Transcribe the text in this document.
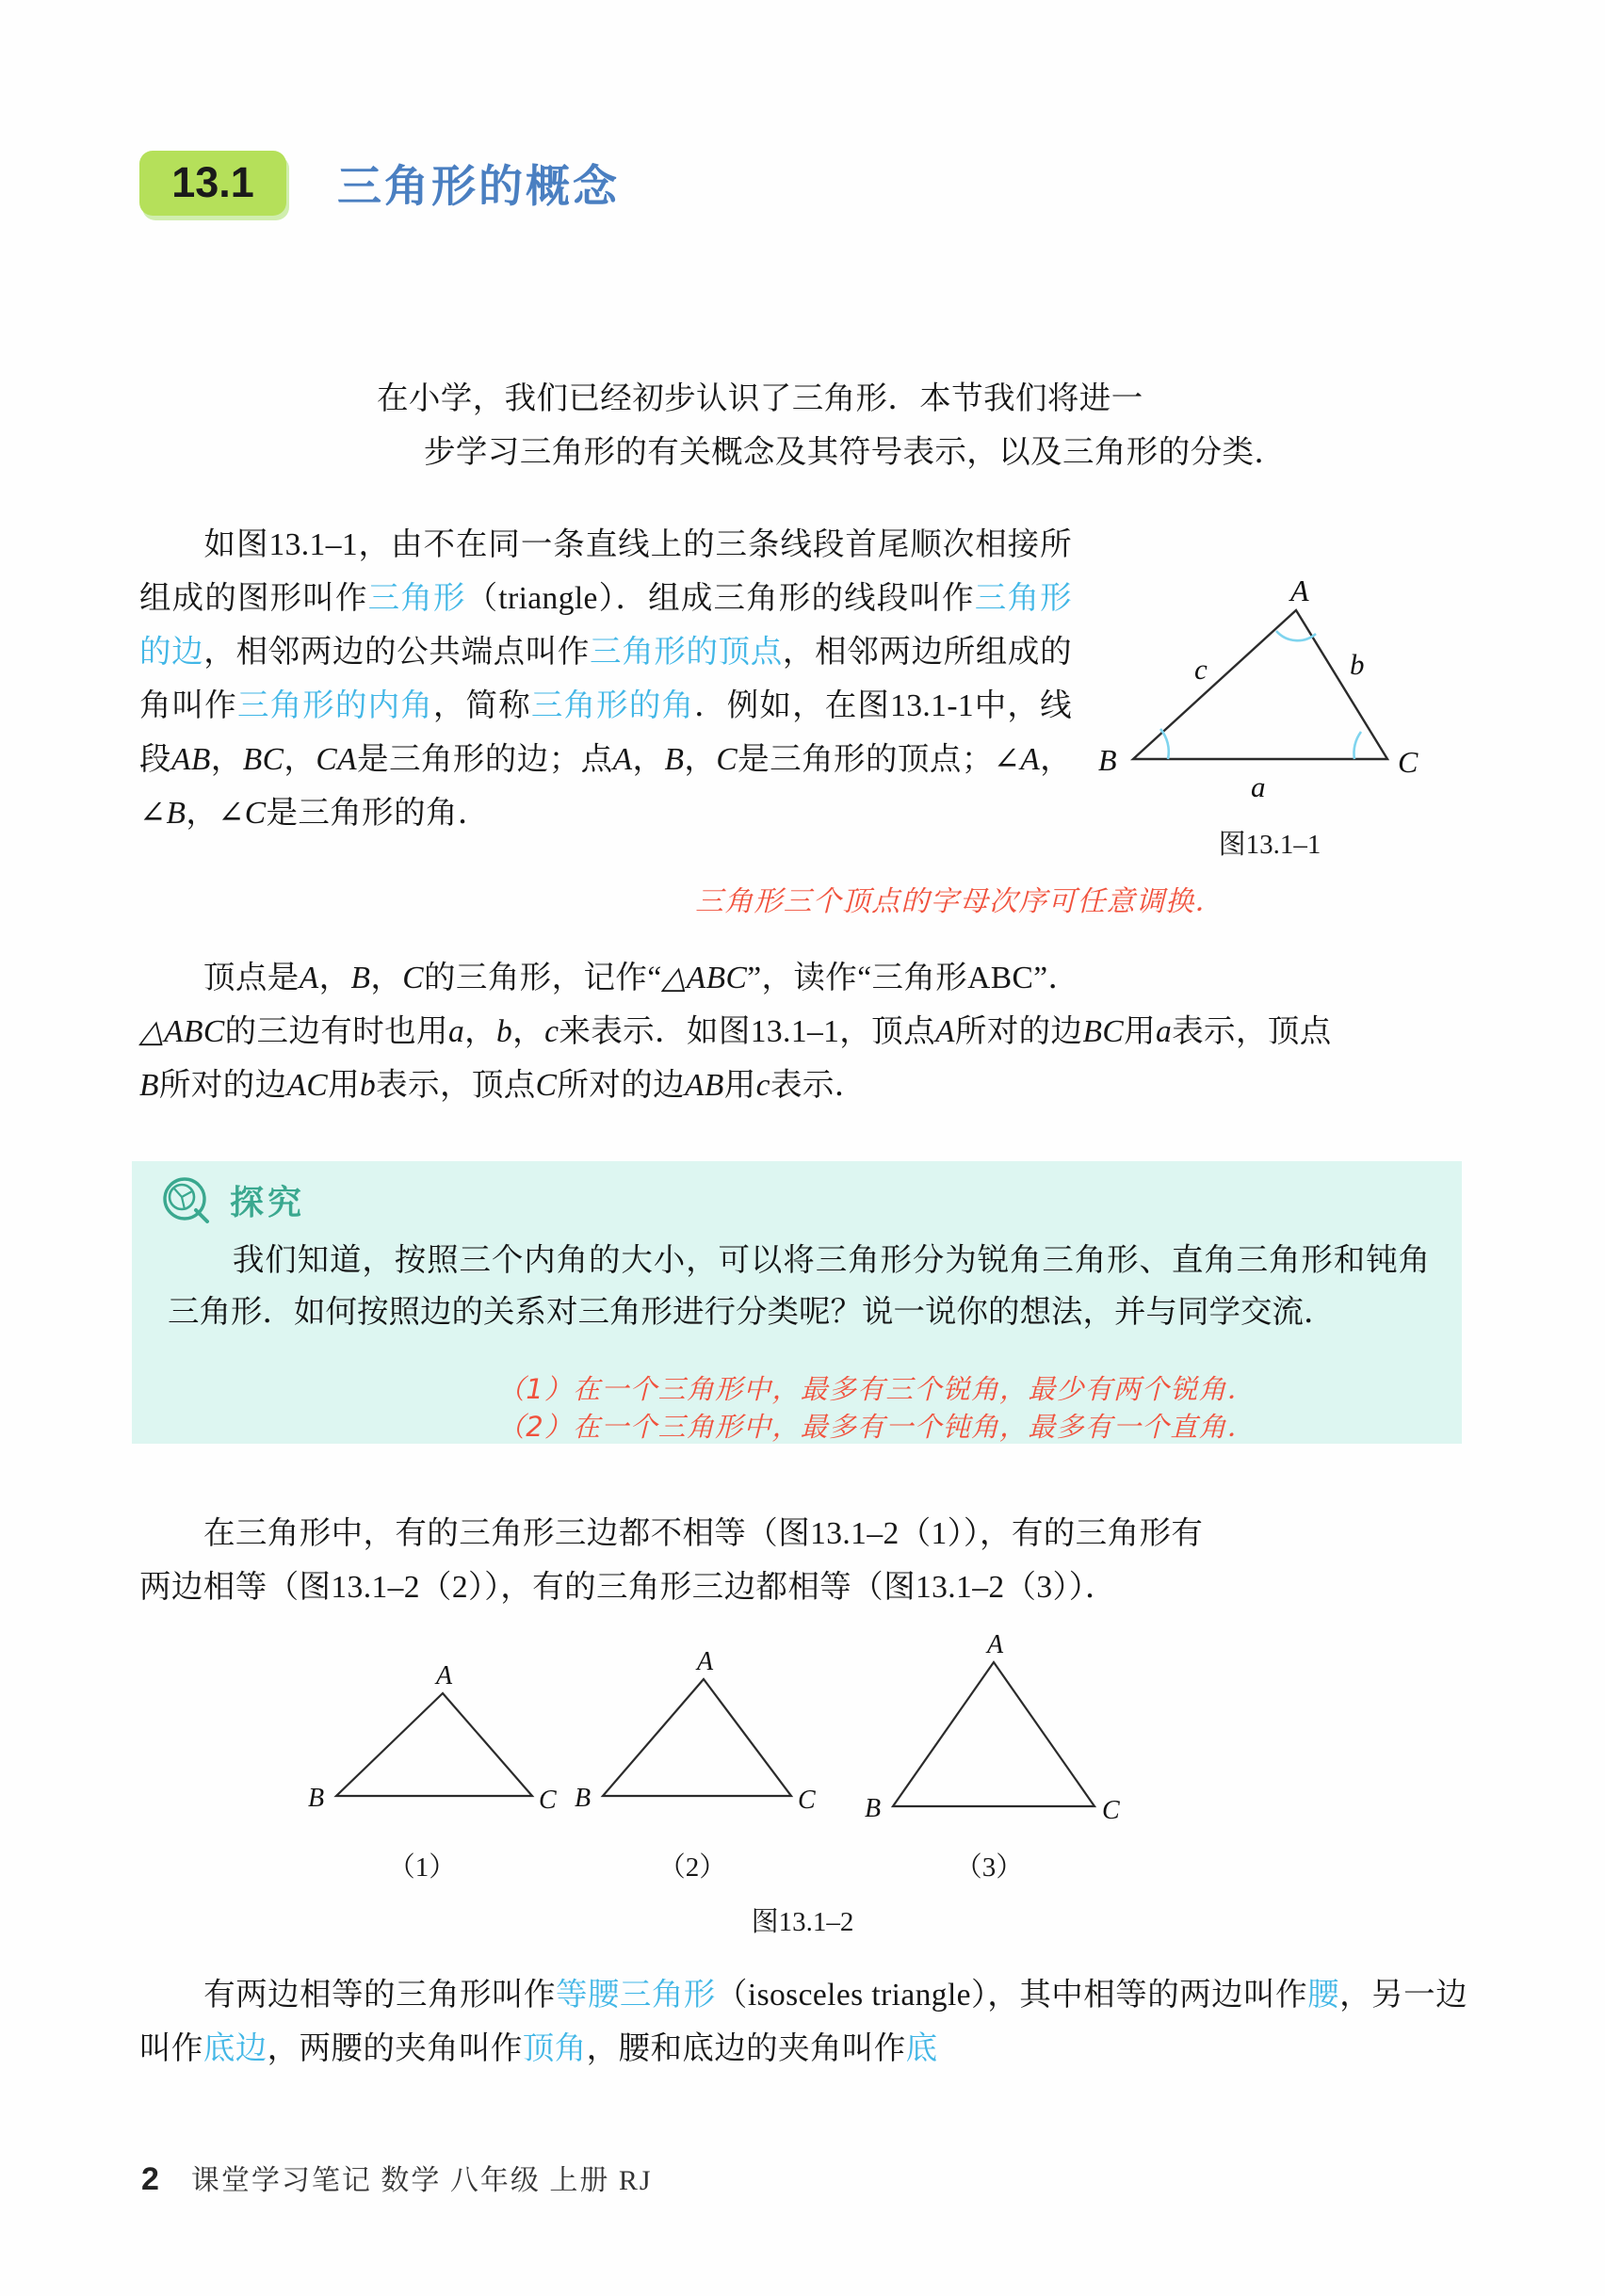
13.1 三角形的概念
在小学，我们已经初步认识了三角形．本节我们将进一
步学习三角形的有关概念及其符号表示，以及三角形的分类．
如图13.1–1，由不在同一条直线上的三条线段首尾顺次相接所组成的图形叫作三角形（triangle）．组成三角形的线段叫作三角形的边，相邻两边的公共端点叫作三角形的顶点，相邻两边所组成的角叫作三角形的内角，简称三角形的角．例如，在图13.1-1中，线段AB，BC，CA是三角形的边；点A，B，C是三角形的顶点；∠A，∠B，∠C是三角形的角．
三角形三个顶点的字母次序可任意调换．
A
B	C
c	b
a
图13.1–1
顶点是A，B，C的三角形，记作“△ABC”，读作“三角形ABC”．
△ABC的三边有时也用a，b，c来表示．如图13.1–1，顶点A所对的边BC用a表示，顶点
B所对的边AC用b表示，顶点C所对的边AB用c表示．
探究
我们知道，按照三个内角的大小，可以将三角形分为锐角三角形、直角三角形和钝角三角形．如何按照边的关系对三角形进行分类呢？说一说你的想法，并与同学交流．
（1）在一个三角形中，最多有三个锐角，最少有两个锐角．
（2）在一个三角形中，最多有一个钝角，最多有一个直角．
在三角形中，有的三角形三边都不相等（图13.1–2（1）），有的三角形有
两边相等（图13.1–2（2）），有的三角形三边都相等（图13.1–2（3））．
A
B	C
（1）
A
B	C
（2）
A
B	C
（3）
图13.1–2
有两边相等的三角形叫作等腰三角形（isosceles triangle），其中相等的两边叫作腰，另一边叫作底边，两腰的夹角叫作顶角，腰和底边的夹角叫作底
2 课堂学习笔记 数学 八年级 上册 RJ
